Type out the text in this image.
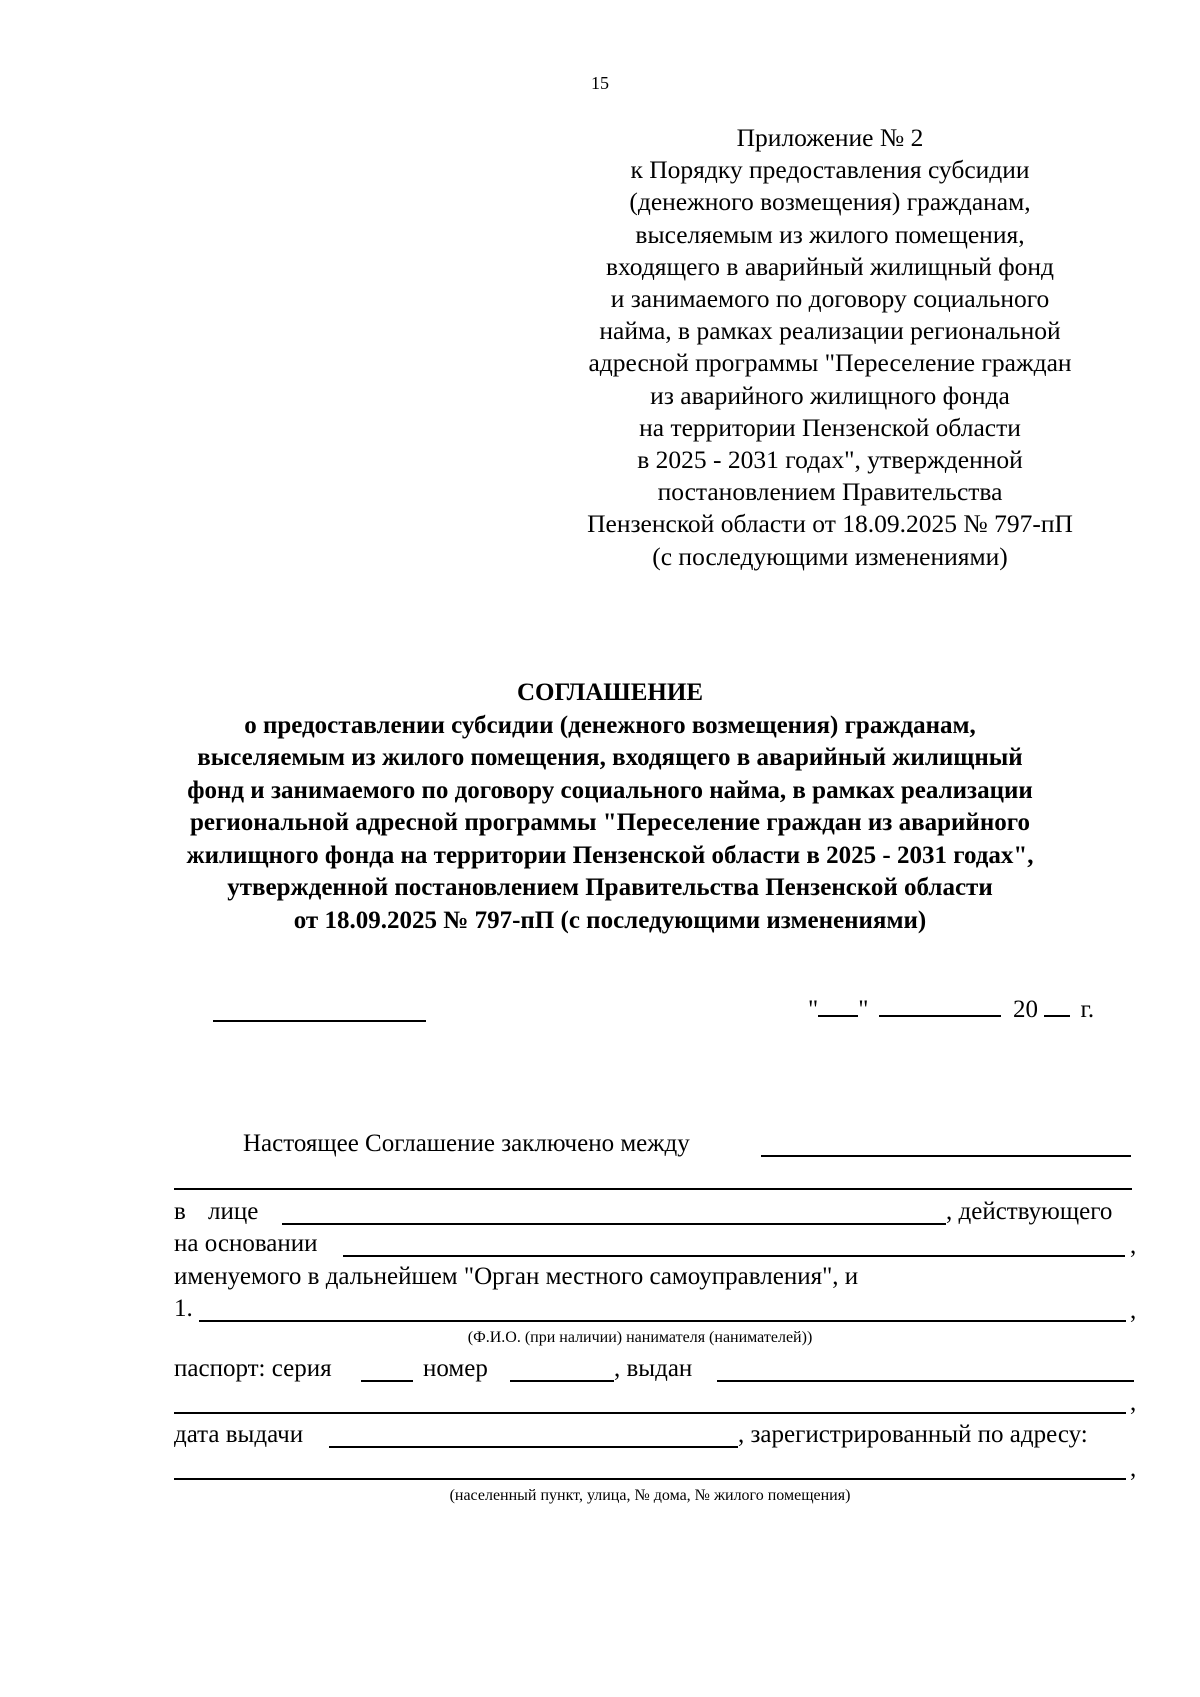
15
Приложение № 2
к Порядку предоставления субсидии
(денежного возмещения) гражданам,
выселяемым из жилого помещения,
входящего в аварийный жилищный фонд
и занимаемого по договору социального
найма, в рамках реализации региональной
адресной программы "Переселение граждан
из аварийного жилищного фонда
на территории Пензенской области
в 2025 - 2031 годах", утвержденной
постановлением Правительства
Пензенской области от 18.09.2025 № 797-пП
(с последующими изменениями)
СОГЛАШЕНИЕ
о предоставлении субсидии (денежного возмещения) гражданам,
выселяемым из жилого помещения, входящего в аварийный жилищный
фонд и занимаемого по договору социального найма, в рамках реализации
региональной адресной программы "Переселение граждан из аварийного
жилищного фонда на территории Пензенской области в 2025 - 2031 годах",
утвержденной постановлением Правительства Пензенской области
от 18.09.2025 № 797-пП (с последующими изменениями)
" "	20 г.
Настоящее Соглашение заключено между
в лице	, действующего
на основании	,
именуемого в дальнейшем "Орган местного самоуправления", и
1.	,
(Ф.И.О. (при наличии) нанимателя (нанимателей))
паспорт: серия	номер	, выдан
,
дата выдачи	, зарегистрированный по адресу:
,
(населенный пункт, улица, № дома, № жилого помещения)
